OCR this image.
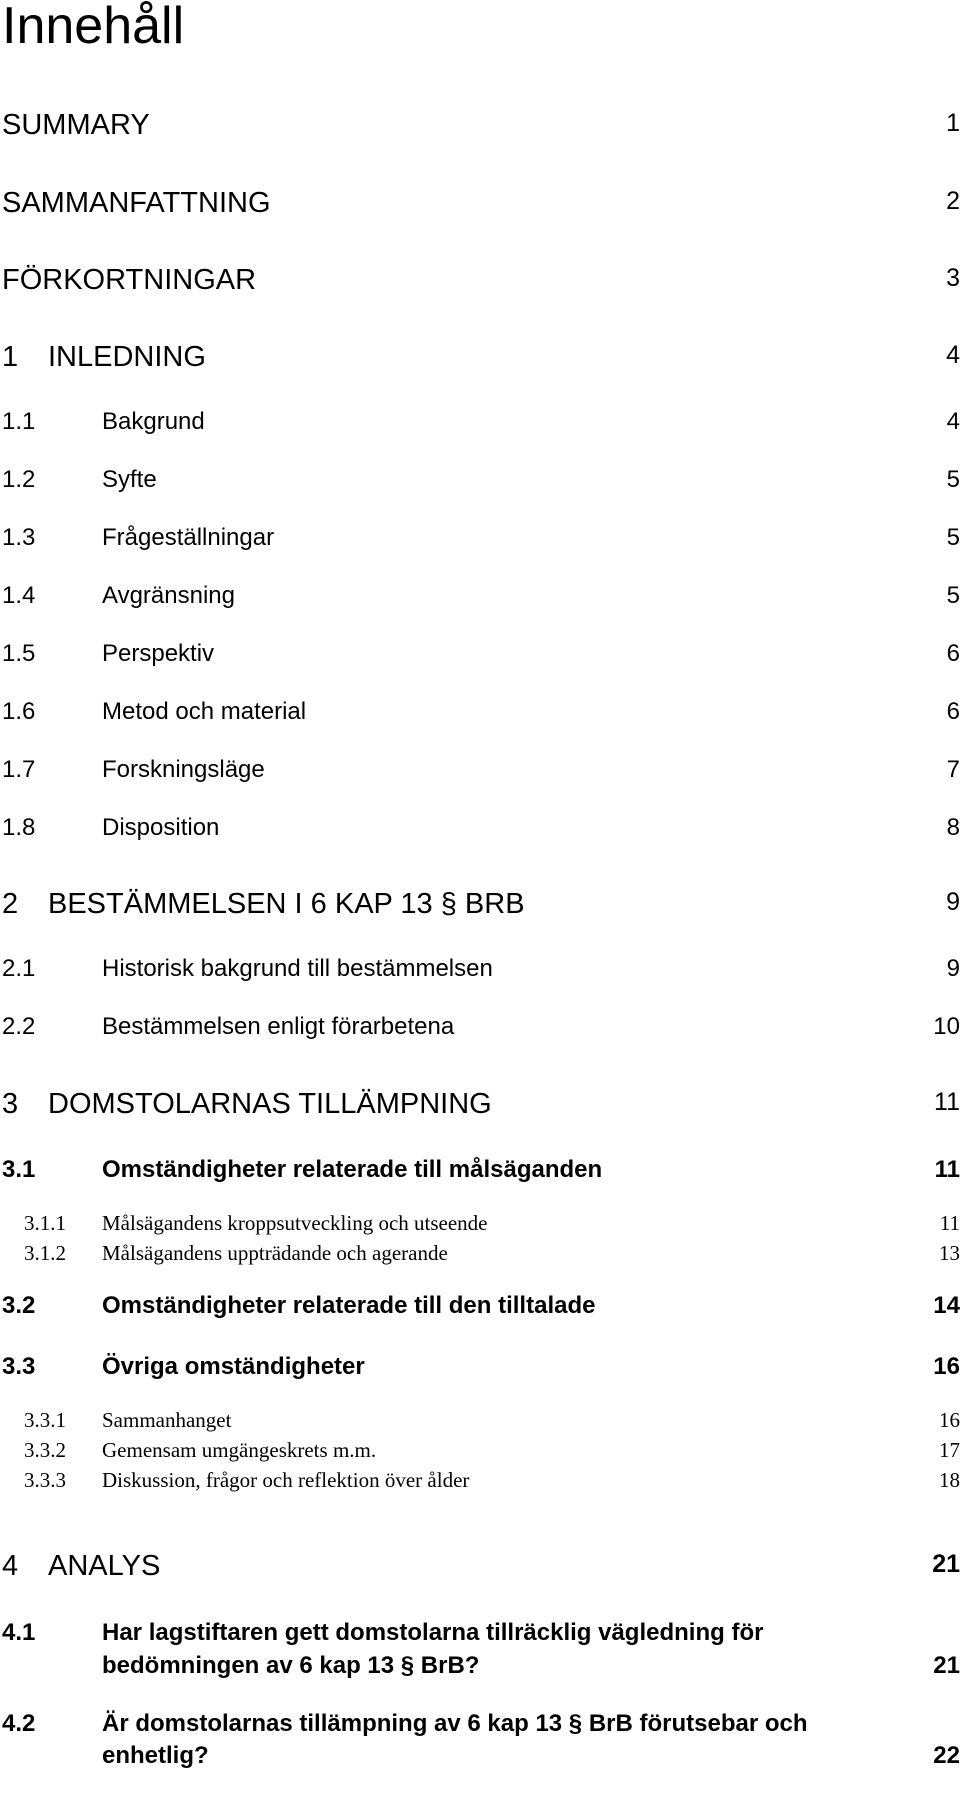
Innehåll
SUMMARY	1
SAMMANFATTNING	2
FÖRKORTNINGAR	3
1 INLEDNING	4
1.1	Bakgrund	4
1.2	Syfte	5
1.3	Frågeställningar	5
1.4	Avgränsning	5
1.5	Perspektiv	6
1.6	Metod och material	6
1.7	Forskningsläge	7
1.8	Disposition	8
2 BESTÄMMELSEN I 6 KAP 13 § BRB	9
2.1	Historisk bakgrund till bestämmelsen	9
2.2	Bestämmelsen enligt förarbetena	10
3 DOMSTOLARNAS TILLÄMPNING	11
3.1	Omständigheter relaterade till målsäganden	11
3.1.1 Målsägandens kroppsutveckling och utseende	11
3.1.2 Målsägandens uppträdande och agerande	13
3.2	Omständigheter relaterade till den tilltalade	14
3.3	Övriga omständigheter	16
3.3.1 Sammanhanget	16
3.3.2 Gemensam umgängeskrets m.m.	17
3.3.3 Diskussion, frågor och reflektion över ålder	18
4 ANALYS	21
4.1	Har lagstiftaren gett domstolarna tillräcklig vägledning för
bedömningen av 6 kap 13 § BrB?	21
4.2	Är domstolarnas tillämpning av 6 kap 13 § BrB förutsebar och
enhetlig?	22
